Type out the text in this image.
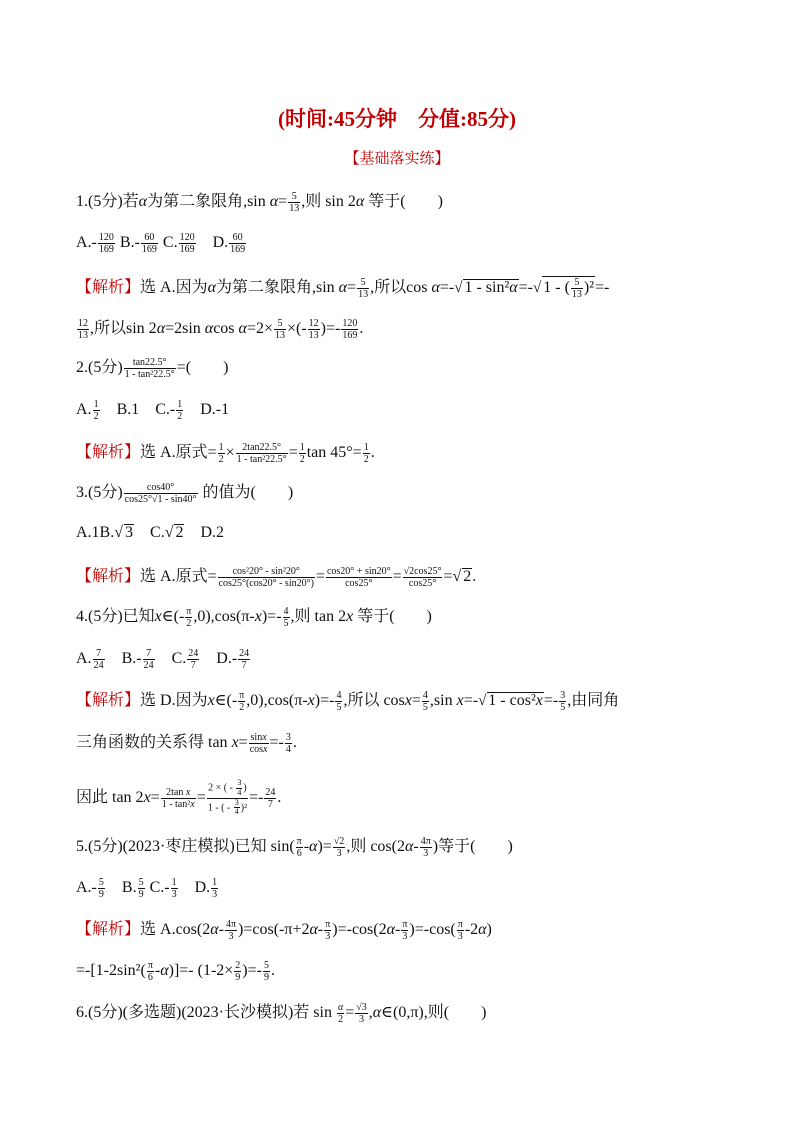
(时间:45分钟　分值:85分)
【基础落实练】
1.(5分)若α为第二象限角,sin $\alpha= \frac{5}{13}$ ,则 sin 2α 等于(　　)
$A.- \frac{120}{169} B.- \frac{60}{169} C$. $\frac{120}{169}$ 　D. $\frac{60}{169}$
【解析】选 A.因为α为第二象限角,sin $\alpha= \frac{5}{13}$ ,所以cos α=-√ 1 - sin²α=-√ 1 - ( $\frac{5}{13} )^2=-$
$\frac{12}{13}$ ,所以sin 2α=2sin αcos $\alpha=2\times \frac{5}{13}$ ×(- $\frac{12}{13}$ )=- $\frac{120}{169}$ .
2.(5分) $\frac{\tan 22.5^\circ}{\text{1 - tan²22.5°}}$ =(　　)
A. $\frac{1}{2}$ 　B.1　$C.- \frac{1}{2}$ 　D.-1
【解析】选 A.原式= $\frac{1}{2} \times \frac{2\tan 22.5^\circ}{\text{1 - tan²22.5°}} = \frac{1}{2}$ $\tan 45^\circ= \frac{1}{2}$ .
3.(5分) $\frac{\cos 40^\circ}{\cos 25^\circ√1 - \sin 40^\circ}$ 的值为(　　)
A.1B.√ 3　C.√ 2　D.2
【解析】选 A.原式= $\frac{\text{cos²20° - sin²20°}}{\cos 25^\circ(\cos 20^\circ - \sin 20^\circ)} = \frac{\cos 20^\circ + \sin 20^\circ}{\cos 25^\circ} = \frac{√2\cos 25^\circ}{\cos 25^\circ}$ =√ 2.
4.(5分)已知x∈(- $\frac{\pi}{2} ,0),\cos(\pi-x)=- \frac{4}{5}$ ,则 tan 2x 等于(　　)
A. $\frac{7}{24}$ 　$B.- \frac{7}{24}$ 　C. $\frac{24}{7}$ 　$D.- \frac{24}{7}$
【解析】选 D.因为x∈(- $\frac{\pi}{2} ,0),\cos(\pi-x)=- \frac{4}{5}$ ,所以 $\cos x= \frac{4}{5} ,\sin$ x=-√ $1 - \cos^2x=- \frac{3}{5}$ ,由同角
三角函数的关系得 $\tan x= \frac{\sin x}{\cos x} =- \frac{3}{4}$ .
因此 $\tan 2x= \frac{\text{2tan x}}{\text{1 - tan²x}} = \frac{2 \times ( - \frac{3}{4} )}{1 - ( - \frac{3}{4} )^2} =- \frac{24}{7}$ .
5.(5分)(2023·枣庄模拟)已知 $\sin( \frac{\pi}{6} -\alpha)= \frac{√2}{3}$ ,则 $\cos(2\alpha- \frac{4\pi}{3}$ )等于(　　)
$A.- \frac{5}{9}$ 　B. $\frac{5}{9} C.- \frac{1}{3}$ 　D. $\frac{1}{3}$
【解析】选 $A.\cos(2\alpha- \frac{4\pi}{3} )=\cos(-\pi+2\alpha- \frac{\pi}{3} )=-\cos(2\alpha- \frac{\pi}{3} )=-\cos( \frac{\pi}{3} -2\alpha)$
$=-[1-2\sin^2( \frac{\pi}{6} -\alpha)]=-$ ($1-2\times \frac{2}{9}$ )=- $\frac{5}{9}$ .
6.(5分)(多选题)(2023·长沙模拟)若 $\sin \frac{\alpha}{2} = \frac{√3}{3}$ ,α∈(0,π),则(　　)
